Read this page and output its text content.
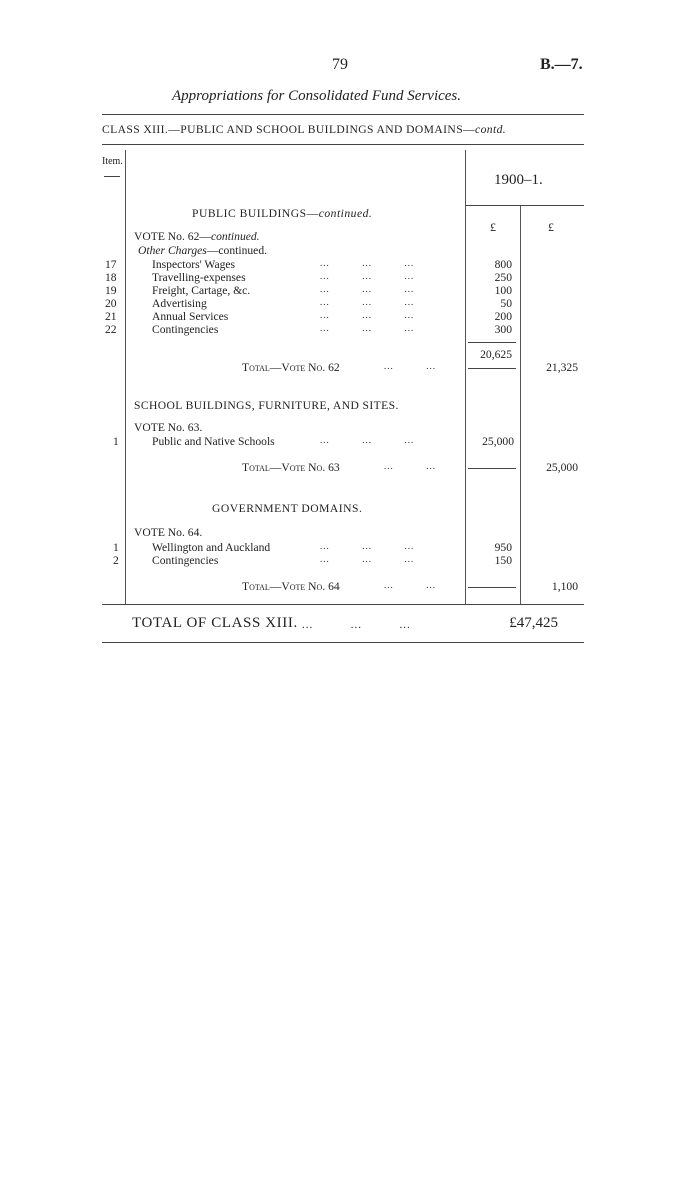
79	B.—7.
Appropriations for Consolidated Fund Services.
CLASS XIII.—PUBLIC AND SCHOOL BUILDINGS AND DOMAINS—contd.
Item.
1900–1.
£	£
PUBLIC BUILDINGS—continued.
VOTE No. 62—continued.
Other Charges—continued.
17	Inspectors' Wages	...          ...          ...	800
18	Travelling-expenses	...          ...          ...	250
19	Freight, Cartage, &c.	...          ...          ...	100
20	Advertising	...          ...          ...	50
21	Annual Services	...          ...          ...	200
22	Contingencies	...          ...          ...	300
20,625
Total—Vote No. 62	...          ...	21,325
SCHOOL BUILDINGS, FURNITURE, AND SITES.
VOTE No. 63.
1	Public and Native Schools	...          ...          ...	25,000
Total—Vote No. 63	...          ...	25,000
GOVERNMENT DOMAINS.
VOTE No. 64.
1	Wellington and Auckland	...          ...          ...	950
2	Contingencies	...          ...          ...	150
Total—Vote No. 64	...          ...	1,100
TOTAL OF CLASS XIII. ...          ...          ...	£47,425
